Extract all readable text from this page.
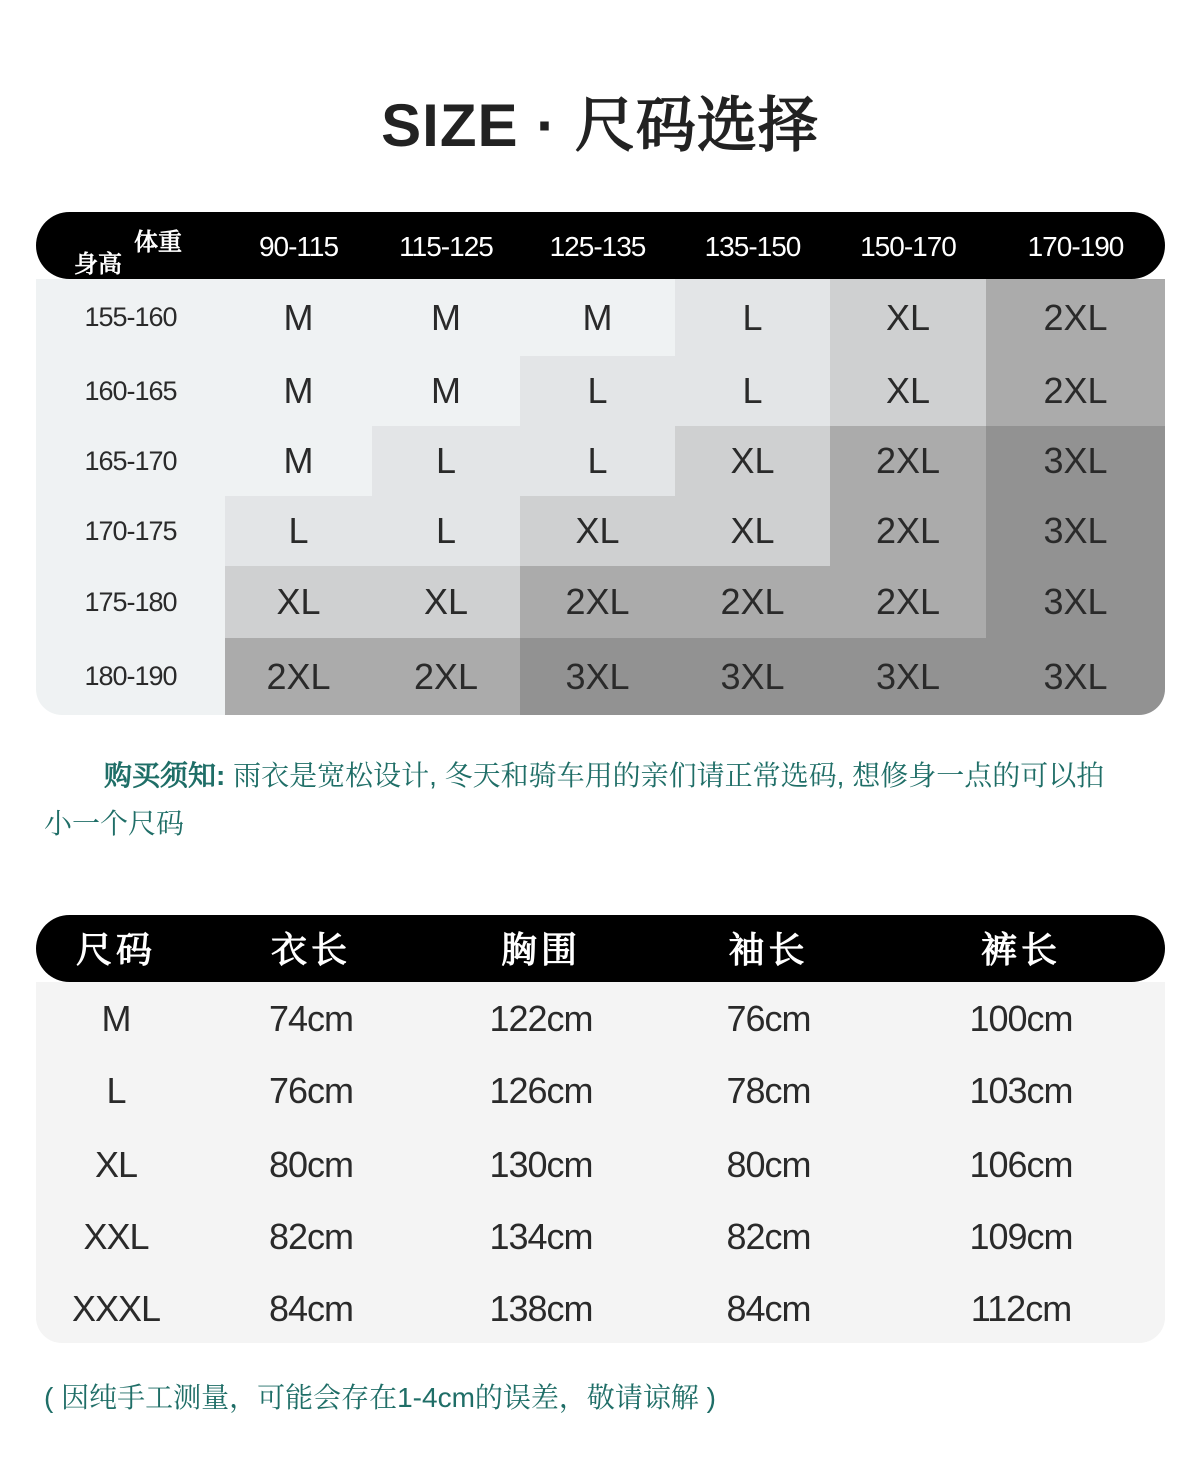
SIZE · 尺码选择
体重
身高
90-115	115-125	125-135	135-150	150-170	170-190
155-160	M	M	M	L	XL	2XL
160-165	M	M	L	L	XL	2XL
165-170	M	L	L	XL	2XL	3XL
170-175	L	L	XL	XL	2XL	3XL
175-180	XL	XL	2XL	2XL	2XL	3XL
180-190	2XL	2XL	3XL	3XL	3XL	3XL
购买须知: 雨衣是宽松设计, 冬天和骑车用的亲们请正常选码, 想修身一点的可以拍小一个尺码
尺码	衣长	胸围	袖长	裤长
M	74cm	122cm	76cm	100cm
L	76cm	126cm	78cm	103cm
XL	80cm	130cm	80cm	106cm
XXL	82cm	134cm	82cm	109cm
XXXL	84cm	138cm	84cm	112cm
( 因纯手工测量，可能会存在1-4cm的误差，敬请谅解 )
